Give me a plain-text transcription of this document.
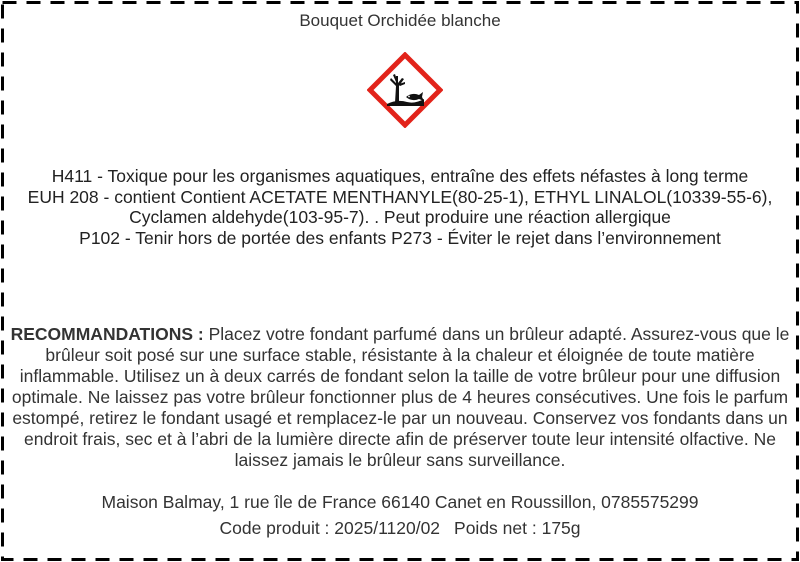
Bouquet Orchidée blanche

H411 - Toxique pour les organismes aquatiques, entraîne des effets néfastes à long terme

EUH 208 - contient Contient ACETATE MENTHANYLE(80-25-1), ETHYL LINALOL(10339-55-6), Cyclamen aldehyde(103-95-7). . Peut produire une réaction allergique

P102 - Tenir hors de portée des enfants P273 - Éviter le rejet dans l’environnement

RECOMMANDATIONS : Placez votre fondant parfumé dans un brûleur adapté. Assurez-vous que le brûleur soit posé sur une surface stable, résistante à la chaleur et éloignée de toute matière inflammable. Utilisez un à deux carrés de fondant selon la taille de votre brûleur pour une diffusion optimale. Ne laissez pas votre brûleur fonctionner plus de 4 heures consécutives. Une fois le parfum estompé, retirez le fondant usagé et remplacez-le par un nouveau. Conservez vos fondants dans un endroit frais, sec et à l’abri de la lumière directe afin de préserver toute leur intensité olfactive. Ne laissez jamais le brûleur sans surveillance.

Maison Balmay, 1 rue île de France 66140 Canet en Roussillon, 0785575299
Code produit : 2025/1120/02 Poids net : 175g
